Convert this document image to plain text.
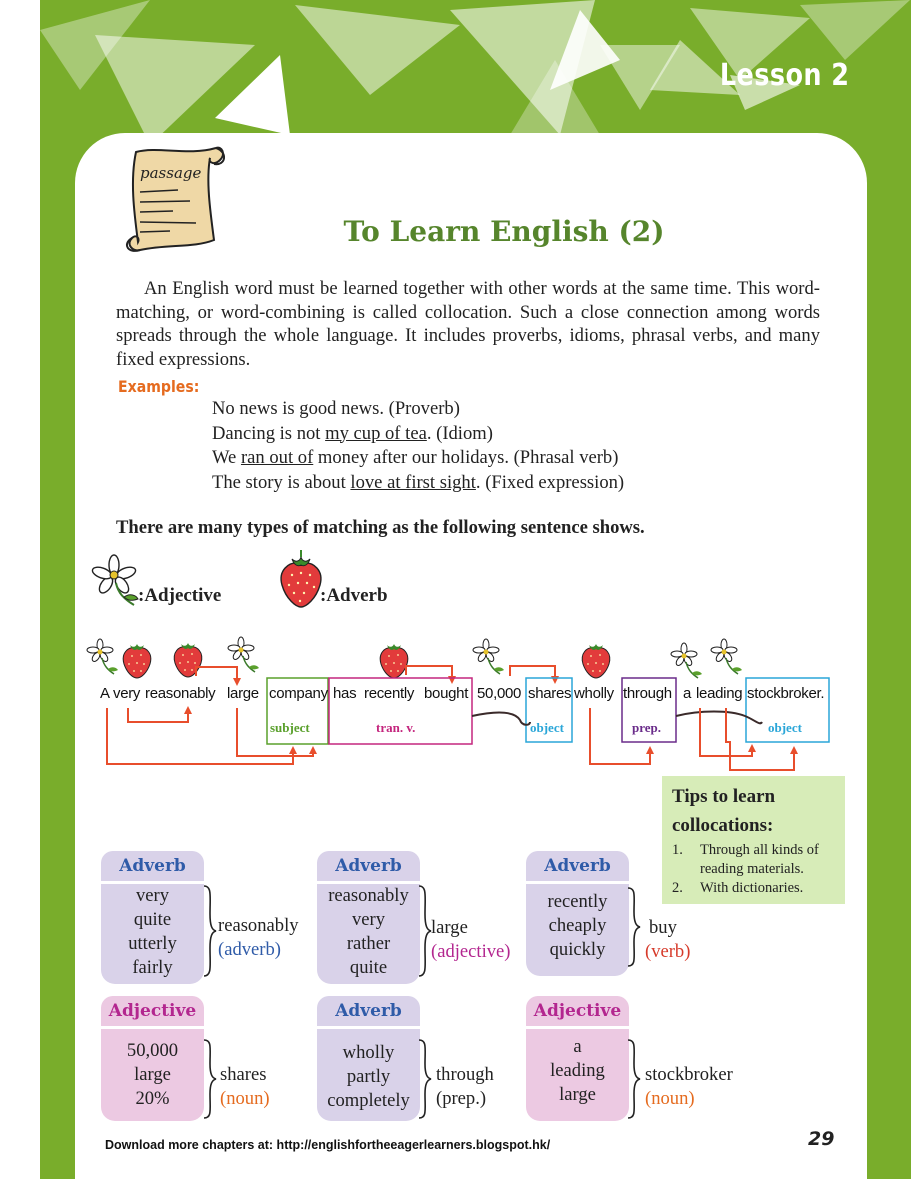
Lesson 2
passage
To Learn English (2)

An English word must be learned together with other words at the same time. This word-matching, or word-combining is called collocation. Such a close connection among words spreads through the whole language. It includes proverbs, idioms, phrasal verbs, and many fixed expressions.

Examples:
No news is good news. (Proverb)
Dancing is not my cup of tea. (Idiom)
We ran out of money after our holidays. (Phrasal verb)
The story is about love at first sight. (Fixed expression)
There are many types of matching as the following sentence shows.
:Adjective	:Adverb
A very reasonably large company has recently bought 50,000 shares wholly through a leading stockbroker.
subject	tran. v.	object	prep.	object
Tips to learn collocations:
1.	Through all kinds of reading materials.
2.	With dictionaries.
Adverb
very
quite
utterly
fairly
reasonably
(adverb)
Adverb
reasonably
very
rather
quite
large
(adjective)
Adverb
recently
cheaply
quickly
buy
(verb)
Adjective
50,000
large
20%
shares
(noun)
Adverb
wholly
partly
completely
through
(prep.)
Adjective
a
leading
large
stockbroker
(noun)
Download more chapters at: http://englishfortheeagerlearners.blogspot.hk/	29
